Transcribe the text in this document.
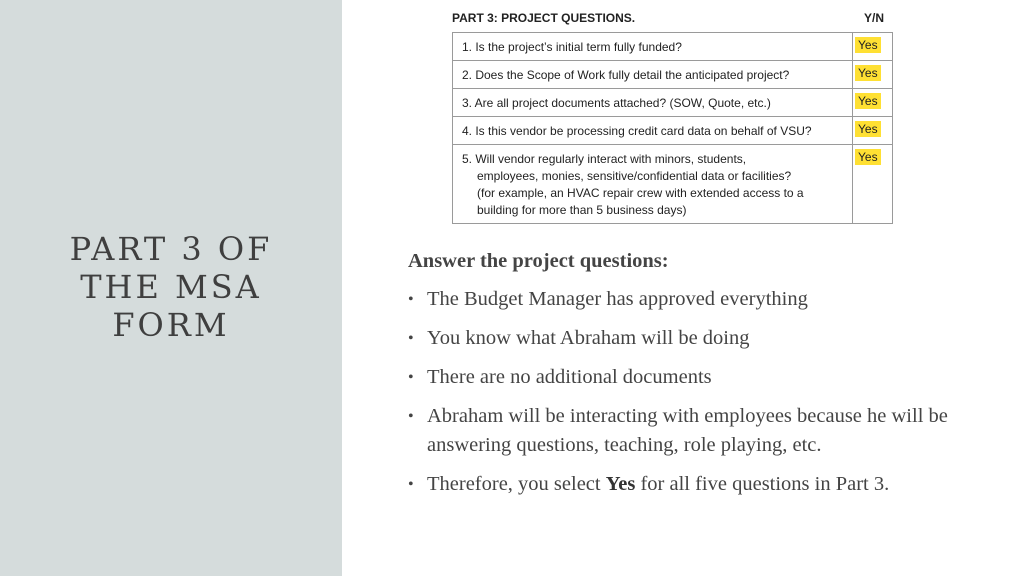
PART 3 OF THE MSA FORM
PART 3: PROJECT QUESTIONS.	Y/N
1. Is the project’s initial term fully funded?	Yes

2. Does the Scope of Work fully detail the anticipated project?	Yes

3. Are all project documents attached? (SOW, Quote, etc.)	Yes

4. Is this vendor be processing credit card data on behalf of VSU?	Yes

5. Will vendor regularly interact with minors, students,
employees, monies, sensitive/confidential data or facilities?
(for example, an HVAC repair crew with extended access to a
building for more than 5 business days)	Yes
Answer the project questions:
• The Budget Manager has approved everything
• You know what Abraham will be doing
• There are no additional documents
• Abraham will be interacting with employees because he will be answering questions, teaching, role playing, etc.
• Therefore, you select Yes for all five questions in Part 3.
